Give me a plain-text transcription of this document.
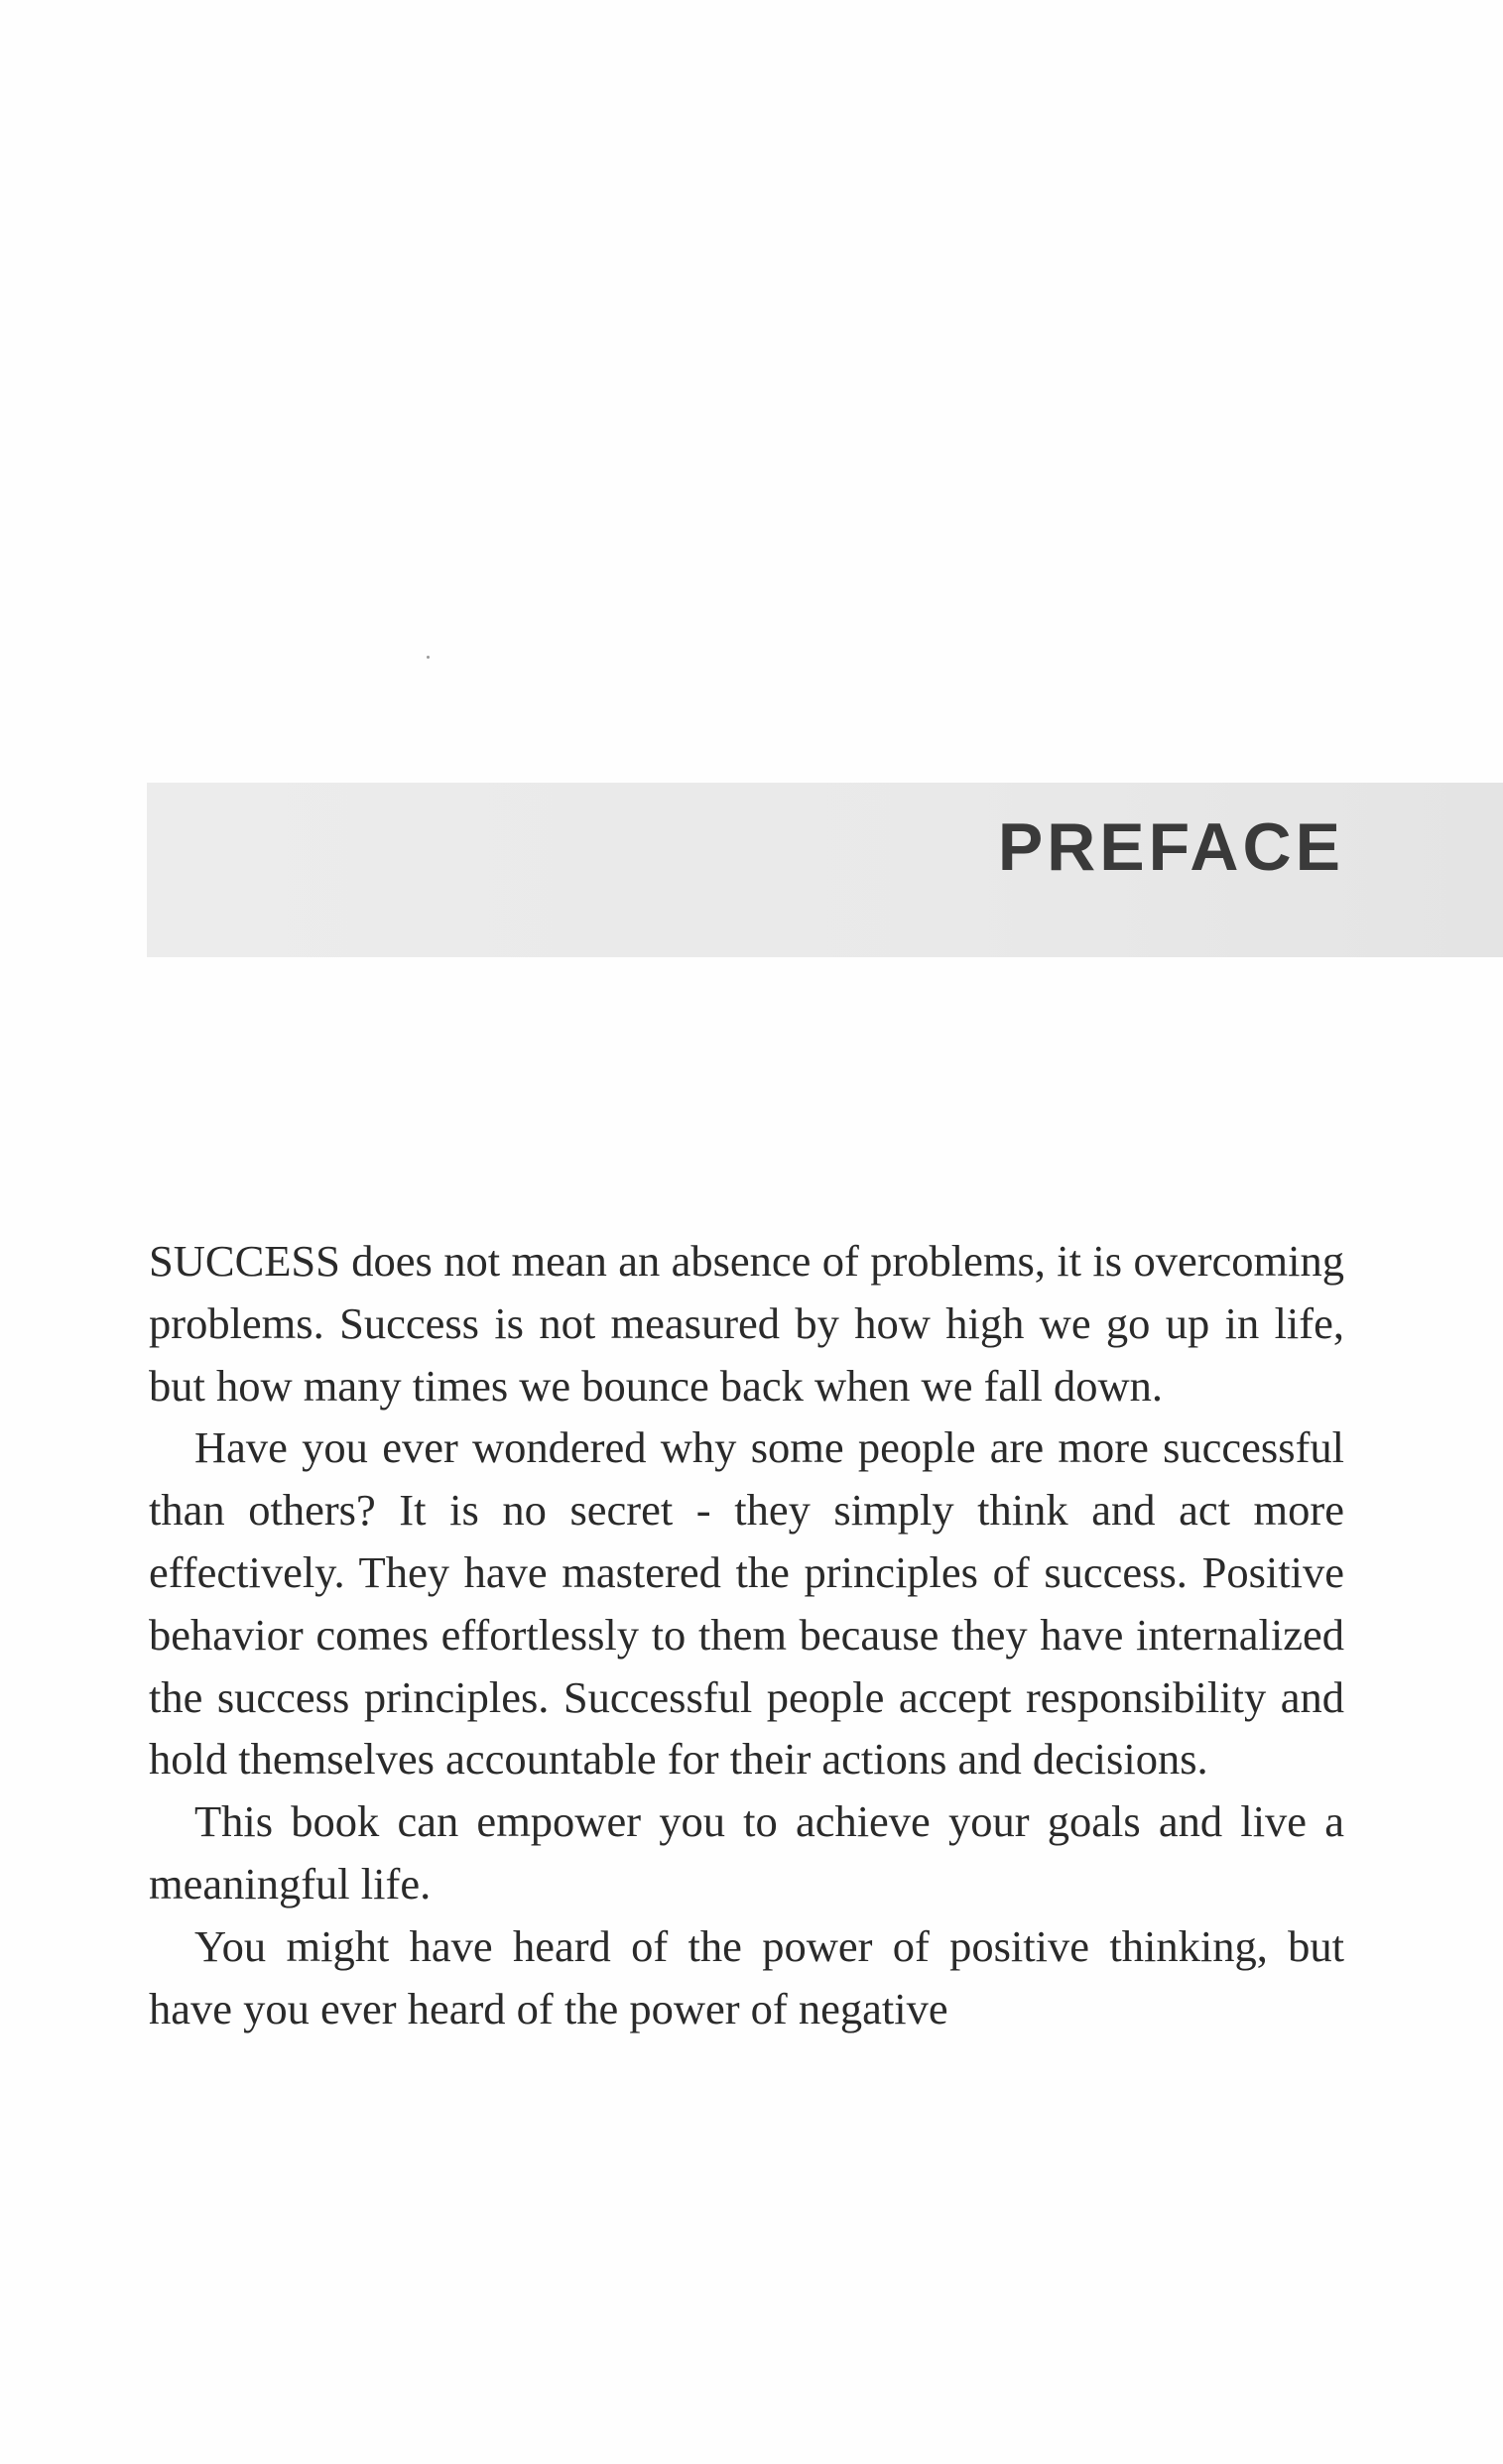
PREFACE

SUCCESS does not mean an absence of problems, it is overcoming problems. Success is not measured by how high we go up in life, but how many times we bounce back when we fall down.

Have you ever wondered why some people are more successful than others? It is no secret - they simply think and act more effectively. They have mastered the principles of success. Positive behavior comes effortlessly to them because they have internalized the success principles. Successful people accept responsibility and hold themselves accountable for their actions and decisions.

This book can empower you to achieve your goals and live a meaningful life.

You might have heard of the power of positive thinking, but have you ever heard of the power of negative
